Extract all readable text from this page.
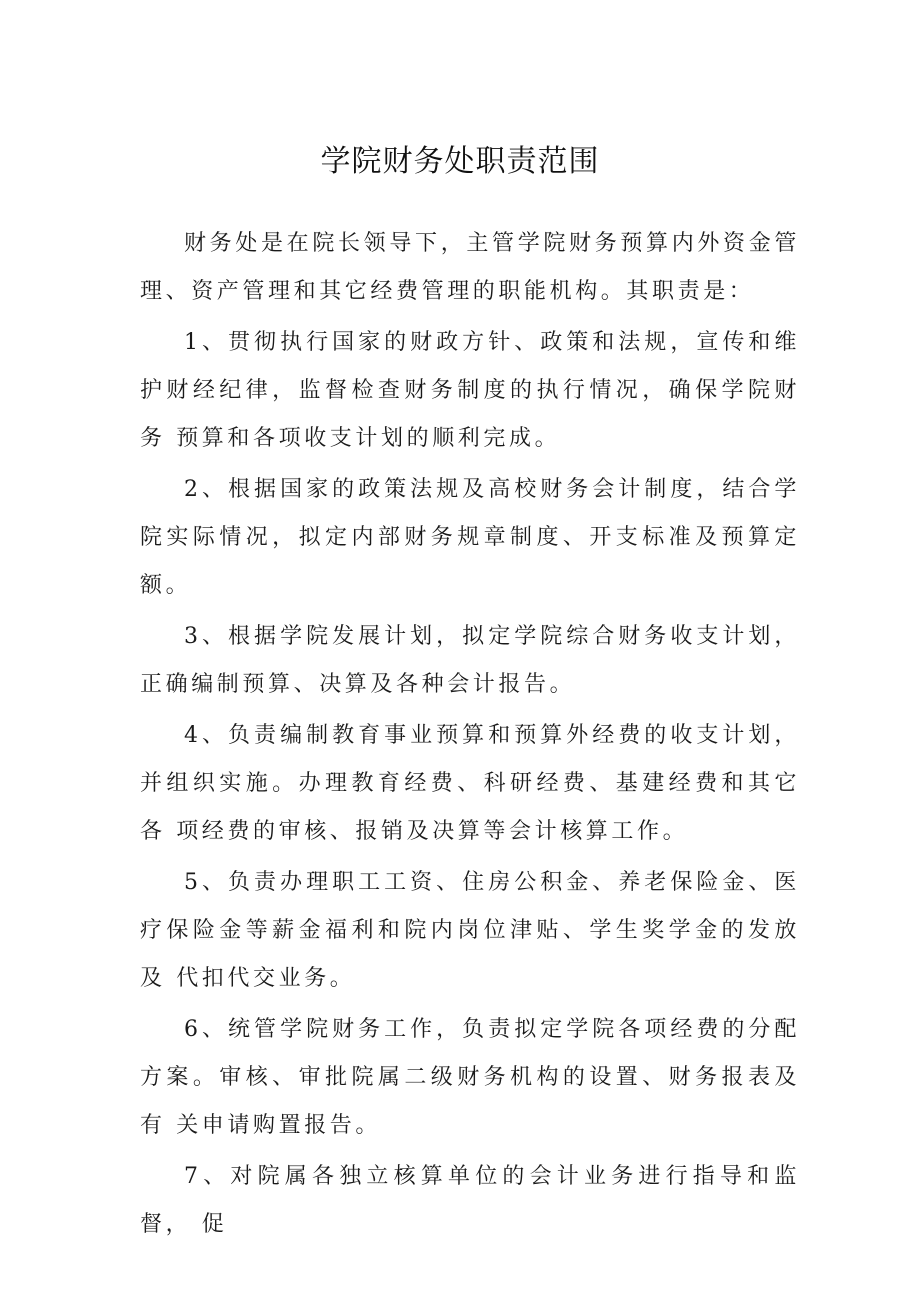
学院财务处职责范围

财务处是在院长领导下，主管学院财务预算内外资金管 理、资产管理和其它经费管理的职能机构。其职责是：

1、贯彻执行国家的财政方针、政策和法规，宣传和维 护财经纪律，监督检查财务制度的执行情况，确保学院财务 预算和各项收支计划的顺利完成。

2、根据国家的政策法规及高校财务会计制度，结合学 院实际情况，拟定内部财务规章制度、开支标准及预算定额。

3、根据学院发展计划，拟定学院综合财务收支计划， 正确编制预算、决算及各种会计报告。

4、负责编制教育事业预算和预算外经费的收支计划， 并组织实施。办理教育经费、科研经费、基建经费和其它各 项经费的审核、报销及决算等会计核算工作。

5、负责办理职工工资、住房公积金、养老保险金、医 疗保险金等薪金福利和院内岗位津贴、学生奖学金的发放及 代扣代交业务。

6、统管学院财务工作，负责拟定学院各项经费的分配 方案。审核、审批院属二级财务机构的设置、财务报表及有 关申请购置报告。

7、对院属各独立核算单位的会计业务进行指导和监督， 促
